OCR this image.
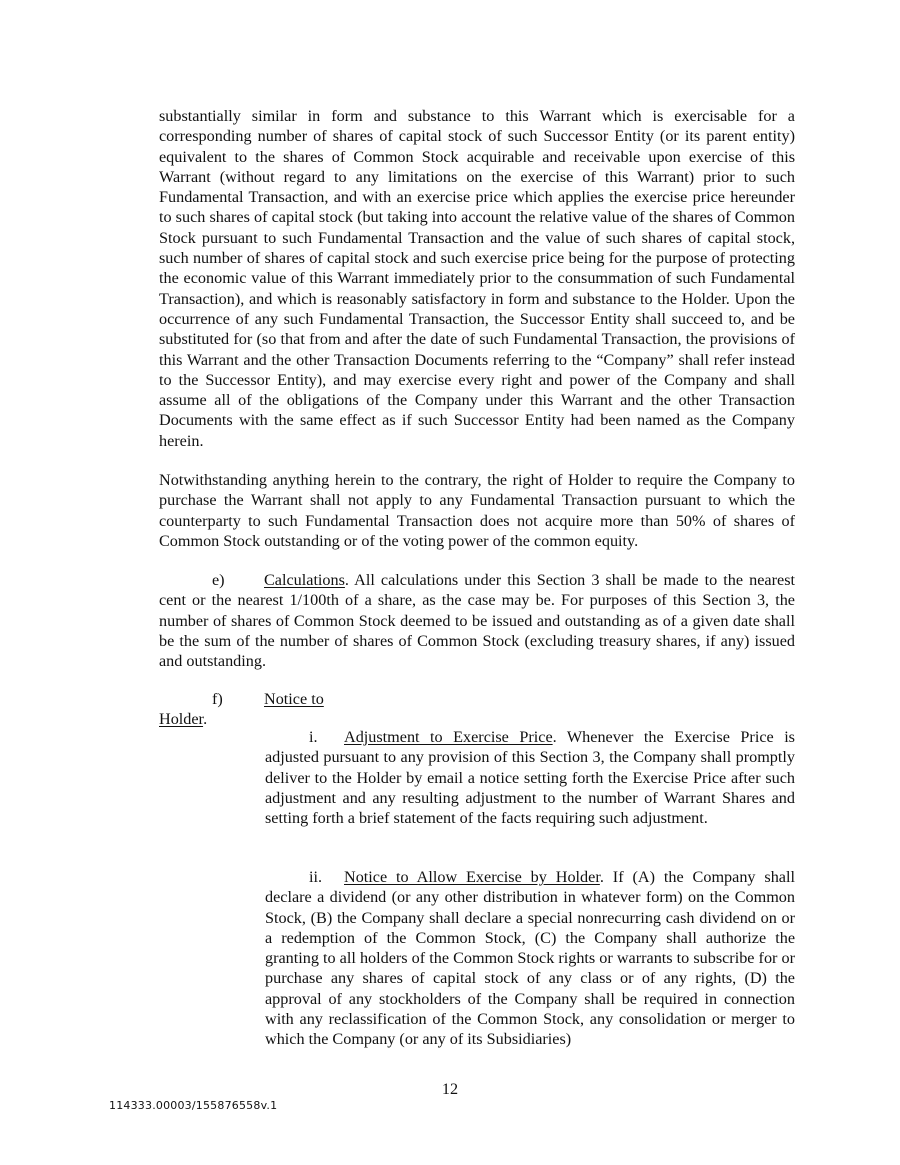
substantially similar in form and substance to this Warrant which is exercisable for a corresponding number of shares of capital stock of such Successor Entity (or its parent entity) equivalent to the shares of Common Stock acquirable and receivable upon exercise of this Warrant (without regard to any limitations on the exercise of this Warrant) prior to such Fundamental Transaction, and with an exercise price which applies the exercise price hereunder to such shares of capital stock (but taking into account the relative value of the shares of Common Stock pursuant to such Fundamental Transaction and the value of such shares of capital stock, such number of shares of capital stock and such exercise price being for the purpose of protecting the economic value of this Warrant immediately prior to the consummation of such Fundamental Transaction), and which is reasonably satisfactory in form and substance to the Holder. Upon the occurrence of any such Fundamental Transaction, the Successor Entity shall succeed to, and be substituted for (so that from and after the date of such Fundamental Transaction, the provisions of this Warrant and the other Transaction Documents referring to the “Company” shall refer instead to the Successor Entity), and may exercise every right and power of the Company and shall assume all of the obligations of the Company under this Warrant and the other Transaction Documents with the same effect as if such Successor Entity had been named as the Company herein.

Notwithstanding anything herein to the contrary, the right of Holder to require the Company to purchase the Warrant shall not apply to any Fundamental Transaction pursuant to which the counterparty to such Fundamental Transaction does not acquire more than 50% of shares of Common Stock outstanding or of the voting power of the common equity.

e) Calculations. All calculations under this Section 3 shall be made to the nearest cent or the nearest 1/100th of a share, as the case may be. For purposes of this Section 3, the number of shares of Common Stock deemed to be issued and outstanding as of a given date shall be the sum of the number of shares of Common Stock (excluding treasury shares, if any) issued and outstanding.

f)	Notice to Holder.

i. Adjustment to Exercise Price. Whenever the Exercise Price is adjusted pursuant to any provision of this Section 3, the Company shall promptly deliver to the Holder by email a notice setting forth the Exercise Price after such adjustment and any resulting adjustment to the number of Warrant Shares and setting forth a brief statement of the facts requiring such adjustment.

ii. Notice to Allow Exercise by Holder. If (A) the Company shall declare a dividend (or any other distribution in whatever form) on the Common Stock, (B) the Company shall declare a special nonrecurring cash dividend on or a redemption of the Common Stock, (C) the Company shall authorize the granting to all holders of the Common Stock rights or warrants to subscribe for or purchase any shares of capital stock of any class or of any rights, (D) the approval of any stockholders of the Company shall be required in connection with any reclassification of the Common Stock, any consolidation or merger to which the Company (or any of its Subsidiaries)

12
114333.00003/155876558v.1
